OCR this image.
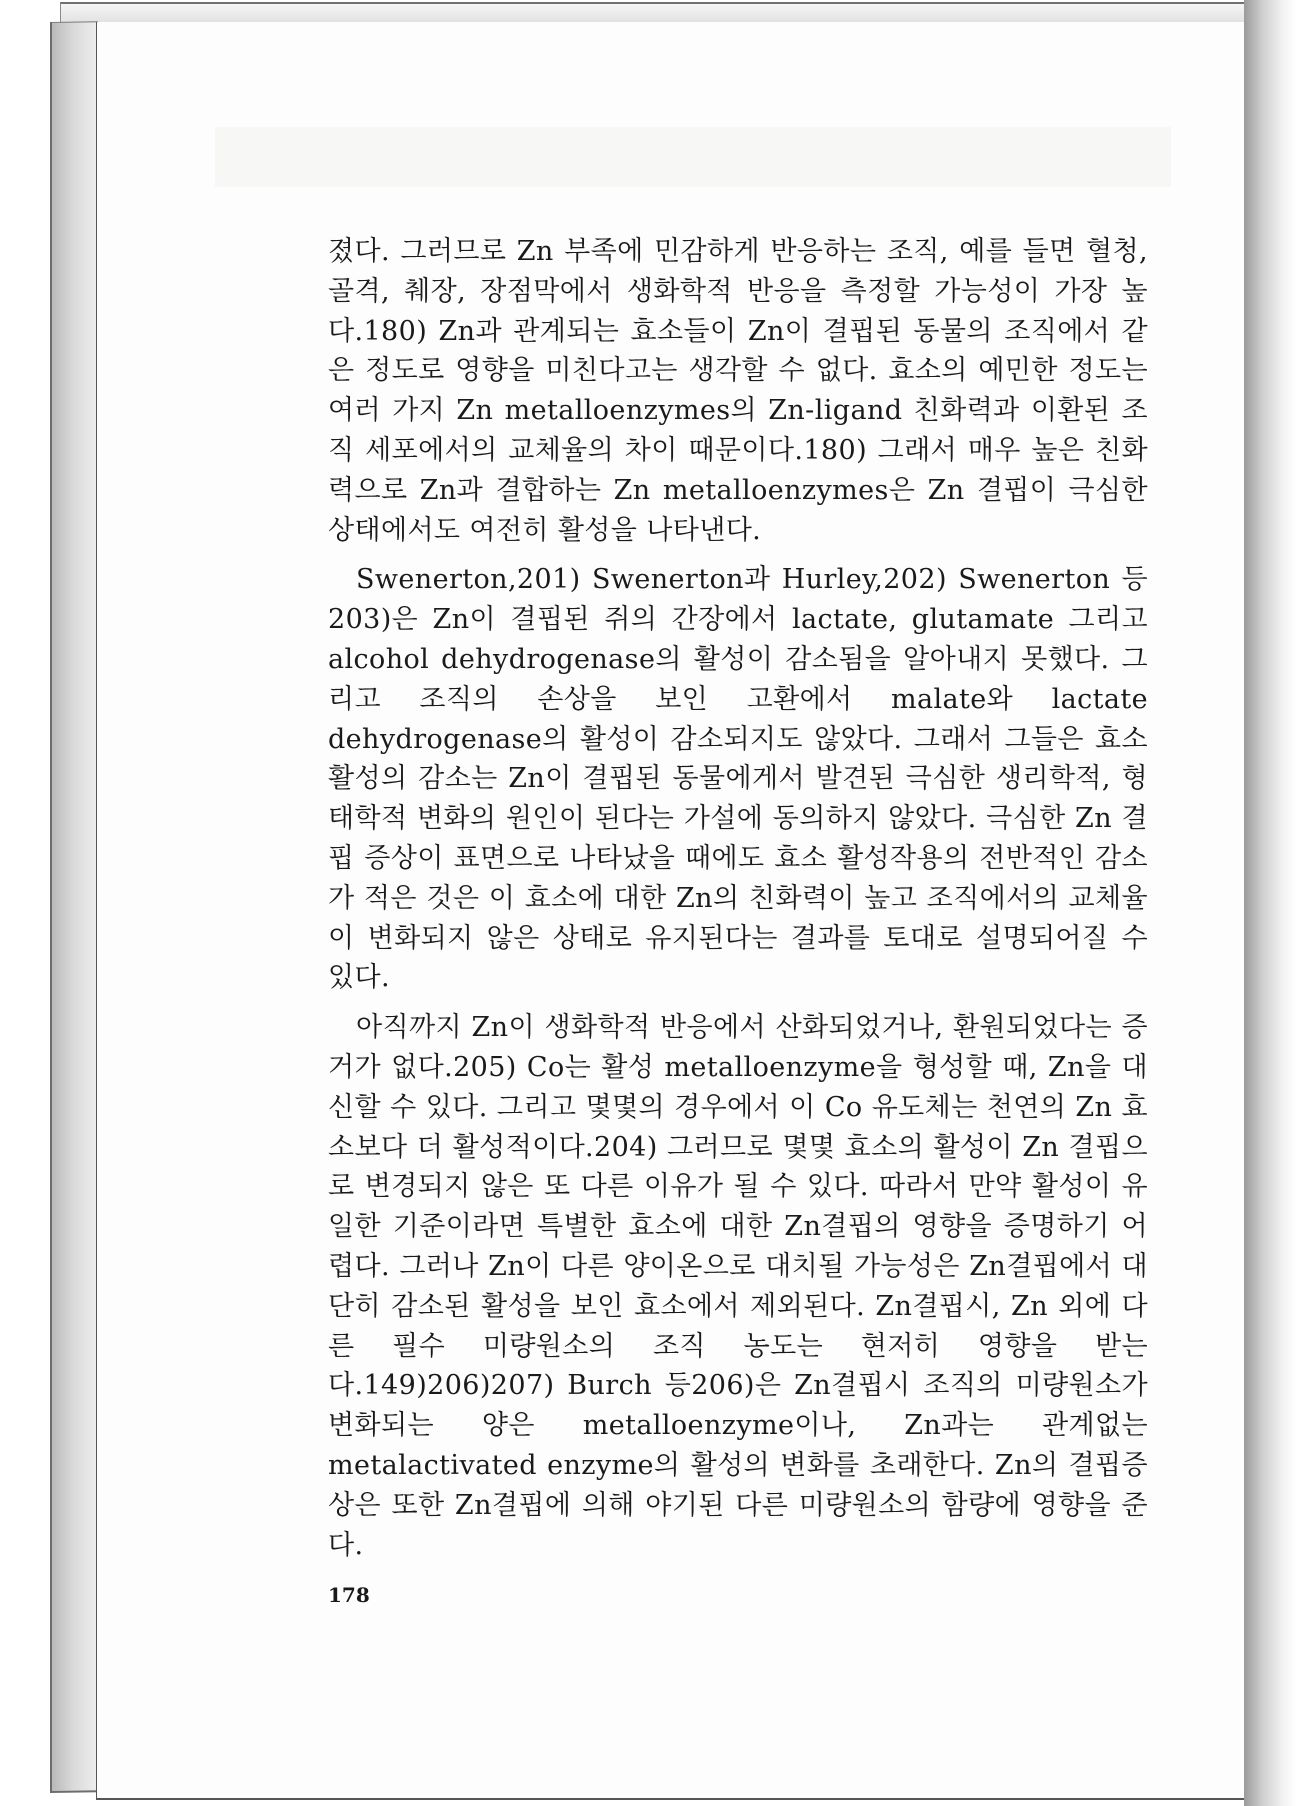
졌다. 그러므로 Zn 부족에 민감하게 반응하는 조직, 예를 들면 혈청, 골격, 췌장, 장점막에서 생화학적 반응을 측정할 가능성이 가장 높다.180) Zn과 관계되는 효소들이 Zn이 결핍된 동물의 조직에서 같은 정도로 영향을 미친다고는 생각할 수 없다. 효소의 예민한 정도는 여러 가지 Zn metalloenzymes의 Zn-ligand 친화력과 이환된 조직 세포에서의 교체율의 차이 때문이다.180) 그래서 매우 높은 친화력으로 Zn과 결합하는 Zn metalloenzymes은 Zn 결핍이 극심한 상태에서도 여전히 활성을 나타낸다.

Swenerton,201) Swenerton과 Hurley,202) Swenerton 등203)은 Zn이 결핍된 쥐의 간장에서 lactate, glutamate 그리고 alcohol dehydrogenase의 활성이 감소됨을 알아내지 못했다. 그리고 조직의 손상을 보인 고환에서 malate와 lactate dehydrogenase의 활성이 감소되지도 않았다. 그래서 그들은 효소 활성의 감소는 Zn이 결핍된 동물에게서 발견된 극심한 생리학적, 형태학적 변화의 원인이 된다는 가설에 동의하지 않았다. 극심한 Zn 결핍 증상이 표면으로 나타났을 때에도 효소 활성작용의 전반적인 감소가 적은 것은 이 효소에 대한 Zn의 친화력이 높고 조직에서의 교체율이 변화되지 않은 상태로 유지된다는 결과를 토대로 설명되어질 수 있다.

아직까지 Zn이 생화학적 반응에서 산화되었거나, 환원되었다는 증거가 없다.205) Co는 활성 metalloenzyme을 형성할 때, Zn을 대신할 수 있다. 그리고 몇몇의 경우에서 이 Co 유도체는 천연의 Zn 효소보다 더 활성적이다.204) 그러므로 몇몇 효소의 활성이 Zn 결핍으로 변경되지 않은 또 다른 이유가 될 수 있다. 따라서 만약 활성이 유일한 기준이라면 특별한 효소에 대한 Zn결핍의 영향을 증명하기 어렵다. 그러나 Zn이 다른 양이온으로 대치될 가능성은 Zn결핍에서 대단히 감소된 활성을 보인 효소에서 제외된다. Zn결핍시, Zn 외에 다른 필수 미량원소의 조직 농도는 현저히 영향을 받는다.149)206)207) Burch 등206)은 Zn결핍시 조직의 미량원소가 변화되는 양은 metalloenzyme이나, Zn과는 관계없는 metalactivated enzyme의 활성의 변화를 초래한다. Zn의 결핍증상은 또한 Zn결핍에 의해 야기된 다른 미량원소의 함량에 영향을 준다.

178
